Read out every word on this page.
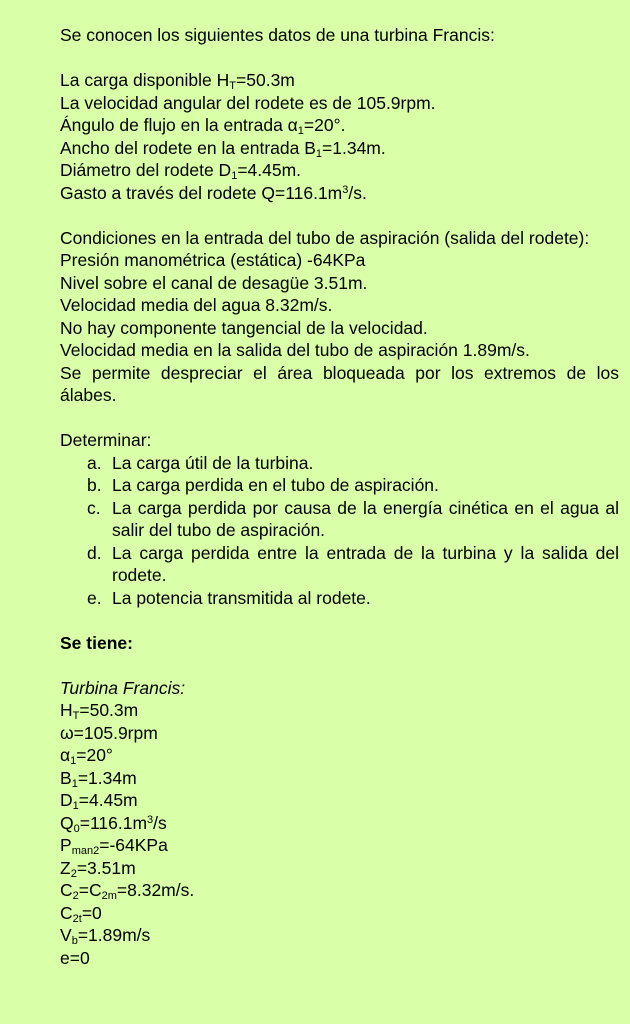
Se conocen los siguientes datos de una turbina Francis:

La carga disponible $H_T=50.3m$

La velocidad angular del rodete es de 105.9rpm.

Ángulo de flujo en la entrada $\alpha_1=20^\circ$.

Ancho del rodete en la entrada $B_1=1.34m$.

Diámetro del rodete $D_1=4.45m$.

Gasto a través del rodete $Q=116.1m^3/s$.

Condiciones en la entrada del tubo de aspiración (salida del rodete):

Presión manométrica (estática) -64KPa

Nivel sobre el canal de desagüe 3.51m.

Velocidad media del agua 8.32m/s.

No hay componente tangencial de la velocidad.

Velocidad media en la salida del tubo de aspiración 1.89m/s.

Se permite despreciar el área bloqueada por los extremos de los álabes.

Determinar:

a. La carga útil de la turbina.
b. La carga perdida en el tubo de aspiración.
c. La carga perdida por causa de la energía cinética en el agua al salir del tubo de aspiración.
d. La carga perdida entre la entrada de la turbina y la salida del rodete.
e. La potencia transmitida al rodete.

Se tiene:

Turbina Francis:

$H_T=50.3m$

ω=105.9rpm

$\alpha_1=20^\circ$

$B_1=1.34m$

$D_1=4.45m$

$Q_0=116.1m^3/s$

$P_{man2}=-64KPa$

$Z_2=3.51m$

$C_2=C_{2m}=8.32m/s$.

$C_{2t}=0$

$V_b=1.89m/s$

e=0
